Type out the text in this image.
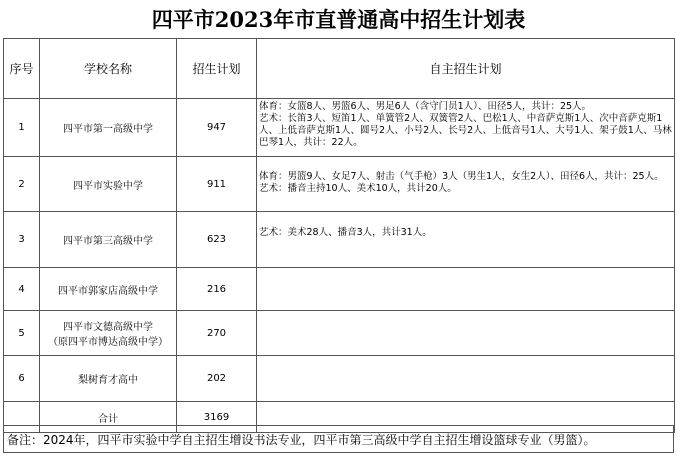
四平市2023年市直普通高中招生计划表
序号	学校名称	招生计划	自主招生计划
1	四平市第一高级中学	947	体育：女篮8人、男篮6人、男足6人（含守门员1人）、田径5人，共计：25人。
艺术：长笛3人、短笛1人、单簧管2人、双簧管2人、巴松1人、中音萨克斯1人、次中音萨克斯1人、上低音萨克斯1人、圆号2人、小号2人、长号2人、上低音号1人、大号1人、架子鼓1人、马林巴琴1人，共计：22人。

2	四平市实验中学	911	体育：男篮9人、女足7人、射击（气手枪）3人（男生1人，女生2人）、田径6人，共计：25人。
艺术：播音主持10人、美术10人，共计20人。

3	四平市第三高级中学	623	艺术：美术28人、播音3人，共计31人。

4	四平市郭家店高级中学	216	
5	四平市文德高级中学
（原四平市博达高级中学）	270	
6	梨树育才高中	202	
	合计	3169	
备注：2024年，四平市实验中学自主招生增设书法专业，四平市第三高级中学自主招生增设篮球专业（男篮）。
